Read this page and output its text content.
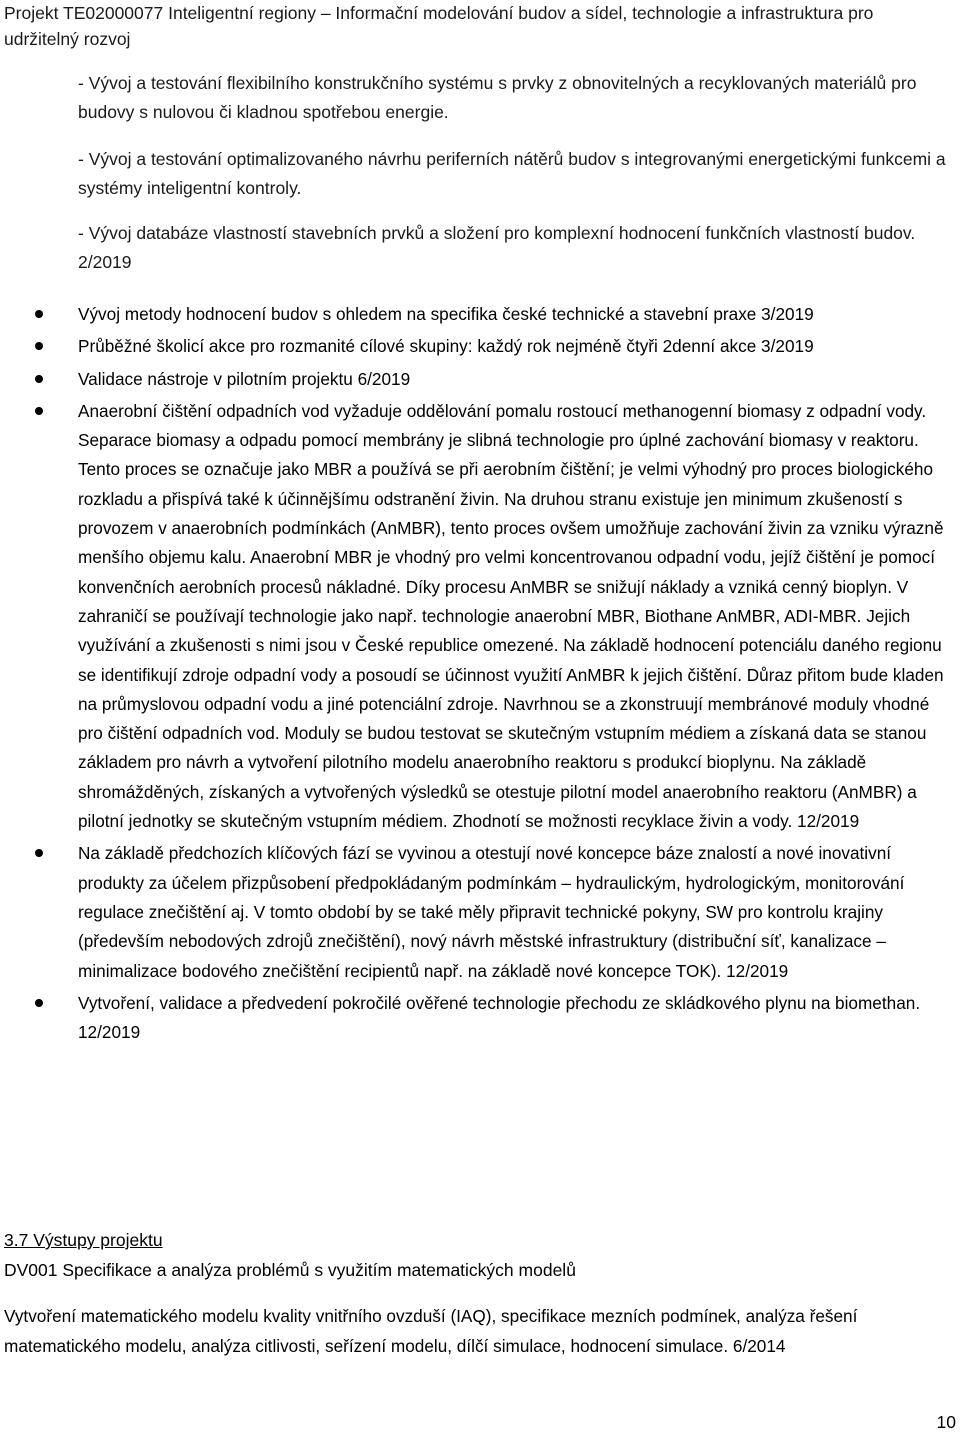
Projekt TE02000077 Inteligentní regiony – Informační modelování budov a sídel, technologie a infrastruktura pro udržitelný rozvoj
- Vývoj a testování flexibilního konstrukčního systému s prvky z obnovitelných a recyklovaných materiálů pro budovy s nulovou či kladnou spotřebou energie.
- Vývoj a testování optimalizovaného návrhu periferních nátěrů budov s integrovanými energetickými funkcemi a systémy inteligentní kontroly.
- Vývoj databáze vlastností stavebních prvků a složení pro komplexní hodnocení funkčních vlastností budov. 2/2019
Vývoj metody hodnocení budov s ohledem na specifika české technické a stavební praxe 3/2019
Průběžné školicí akce pro rozmanité cílové skupiny: každý rok nejméně čtyři 2denní akce 3/2019
Validace nástroje v pilotním projektu 6/2019
Anaerobní čištění odpadních vod vyžaduje oddělování pomalu rostoucí methanogenní biomasy z odpadní vody. Separace biomasy a odpadu pomocí membrány je slibná technologie pro úplné zachování biomasy v reaktoru. Tento proces se označuje jako MBR a používá se při aerobním čištění; je velmi výhodný pro proces biologického rozkladu a přispívá také k účinnějšímu odstranění živin. Na druhou stranu existuje jen minimum zkušeností s provozem v anaerobních podmínkách (AnMBR), tento proces ovšem umožňuje zachování živin za vzniku výrazně menšího objemu kalu. Anaerobní MBR je vhodný pro velmi koncentrovanou odpadní vodu, jejíž čištění je pomocí konvenčních aerobních procesů nákladné. Díky procesu AnMBR se snižují náklady a vzniká cenný bioplyn. V zahraničí se používají technologie jako např. technologie anaerobní MBR, Biothane AnMBR, ADI-MBR. Jejich využívání a zkušenosti s nimi jsou v České republice omezené. Na základě hodnocení potenciálu daného regionu se identifikují zdroje odpadní vody a posoudí se účinnost využití AnMBR k jejich čištění. Důraz přitom bude kladen na průmyslovou odpadní vodu a jiné potenciální zdroje. Navrhnou se a zkonstruují membránové moduly vhodné pro čištění odpadních vod. Moduly se budou testovat se skutečným vstupním médiem a získaná data se stanou základem pro návrh a vytvoření pilotního modelu anaerobního reaktoru s produkcí bioplynu. Na základě shromážděných, získaných a vytvořených výsledků se otestuje pilotní model anaerobního reaktoru (AnMBR) a pilotní jednotky se skutečným vstupním médiem. Zhodnotí se možnosti recyklace živin a vody. 12/2019
Na základě předchozích klíčových fází se vyvinou a otestují nové koncepce báze znalostí a nové inovativní produkty za účelem přizpůsobení předpokládaným podmínkám – hydraulickým, hydrologickým, monitorování regulace znečištění aj. V tomto období by se také měly připravit technické pokyny, SW pro kontrolu krajiny (především nebodových zdrojů znečištění), nový návrh městské infrastruktury (distribuční síť, kanalizace – minimalizace bodového znečištění recipientů např. na základě nové koncepce TOK). 12/2019
Vytvoření, validace a předvedení pokročilé ověřené technologie přechodu ze skládkového plynu na biomethan. 12/2019
3.7 Výstupy projektu
DV001 Specifikace a analýza problémů s využitím matematických modelů
Vytvoření matematického modelu kvality vnitřního ovzduší (IAQ), specifikace mezních podmínek, analýza řešení matematického modelu, analýza citlivosti, seřízení modelu, dílčí simulace, hodnocení simulace. 6/2014
10
